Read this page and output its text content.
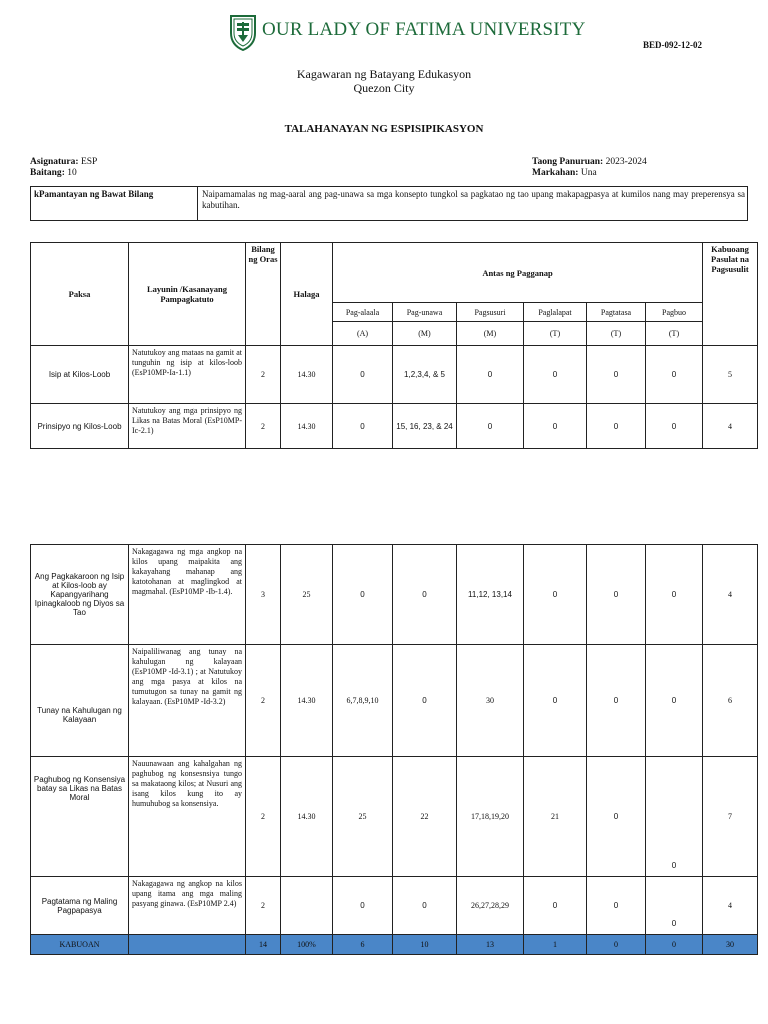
OUR LADY OF FATIMA UNIVERSITY
BED-092-12-02
Kagawaran ng Batayang Edukasyon
Quezon City
TALAHANAYAN NG ESPISIPIKASYON
Asignatura: ESP
Baitang: 10
Taong Panuruan: 2023-2024
Markahan: Una
kPamantayan ng Bawat Bilang	Naipamamalas ng mag-aaral ang pag-unawa sa mga konsepto tungkol sa pagkatao ng tao upang makapagpasya at kumilos nang may preperensya sa kabutihan.
Paksa	Layunin /Kasanayang Pampagkatuto	Bilang ng Oras	Halaga	Antas ng Pagganap						Kabuoang Pasulat na Pagsusulit
				Pag-alaala	Pag-unawa	Pagsusuri	Paglalapat	Pagtatasa	Pagbuo	
				(A)	(M)	(M)	(T)	(T)	(T)	
Isip at Kilos-Loob	Natutukoy ang mataas na gamit at tunguhin ng isip at kilos-loob (EsP10MP-Ia-1.1)	2	14.30	0	1,2,3,4, & 5	0	0	0	0	5
Prinsipyo ng Kilos-Loob	Natutukoy ang mga prinsipyo ng Likas na Batas Moral (EsP10MP-Ic-2.1)	2	14.30	0	15, 16, 23, & 24	0	0	0	0	4
Ang Pagkakaroon ng Isip at Kilos-loob ay Kapangyarihang Ipinagkaloob ng Diyos sa Tao	Nakagagawa ng mga angkop na kilos upang maipakita ang kakayahang mahanap ang katotohanan at maglingkod at magmahal. (EsP10MP -Ib-1.4).	3	25	0	0	11,12, 13,14	0	0	0	4
Tunay na Kahulugan ng Kalayaan	Naipaliliwanag ang tunay na kahulugan ng kalayaan (EsP10MP -Id-3.1) ; at Natutukoy ang mga pasya at kilos na tumutugon sa tunay na gamit ng kalayaan. (EsP10MP -Id-3.2)	2	14.30	6,7,8,9,10	0	30	0	0	0	6
Paghubog ng Konsensiya batay sa Likas na Batas Moral	Nauunawaan ang kahalgahan ng paghubog ng konsesnsiya tungo sa makataong kilos; at Nusuri ang isang kilos kung ito ay humuhubog sa konsensiya.	2	14.30	25	22	17,18,19,20	21	0	0	7
Pagtatama ng Maling Pagpapasya	Nakagagawa ng angkop na kilos upang itama ang mga maling pasyang ginawa. (EsP10MP 2.4)	2		0	0	26,27,28,29	0	0	0	4
KABUOAN		14	100%	6	10	13	1	0	0	30
